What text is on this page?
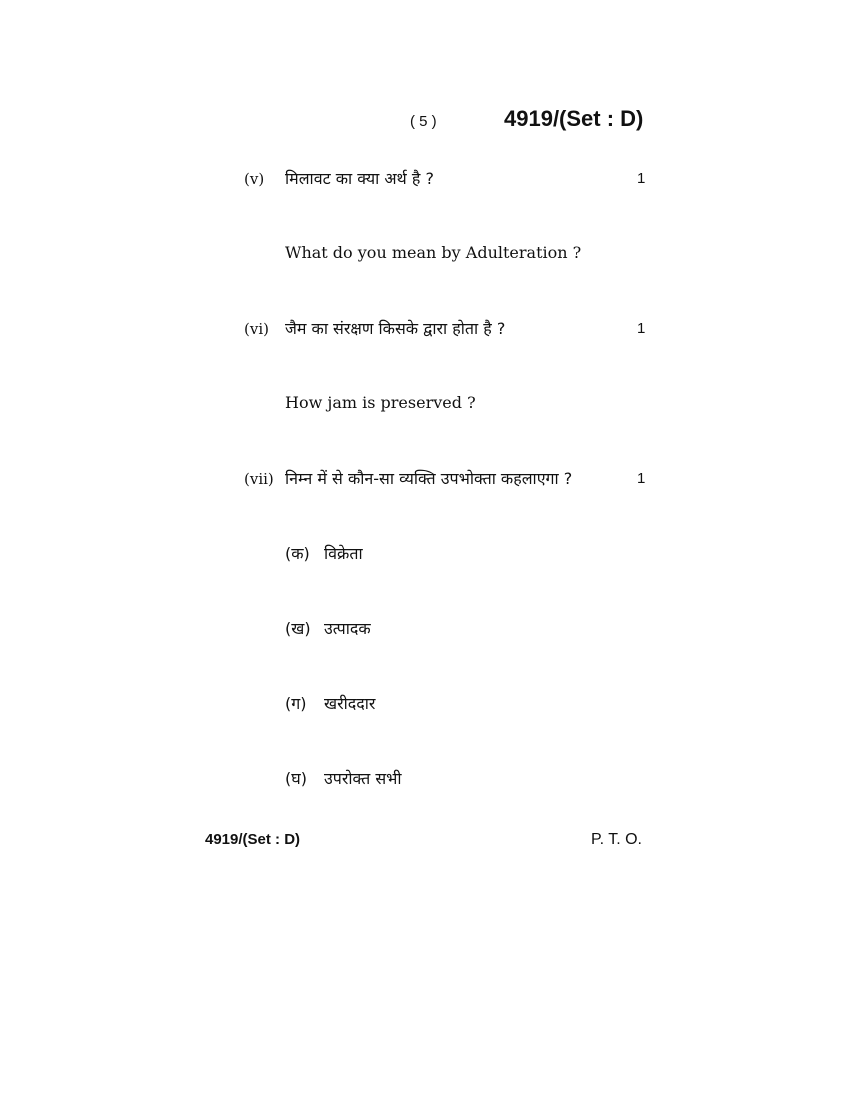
( 5 )	4919/(Set : D)
(v) मिलावट का क्या अर्थ है ?	1
What do you mean by Adulteration ?
(vi) जैम का संरक्षण किसके द्वारा होता है ?	1
How jam is preserved ?
(vii) निम्न में से कौन-सा व्यक्ति उपभोक्ता कहलाएगा ?	1
(क) विक्रेता
(ख) उत्पादक
(ग) खरीददार
(घ) उपरोक्त सभी
4919/(Set : D)	P. T. O.
